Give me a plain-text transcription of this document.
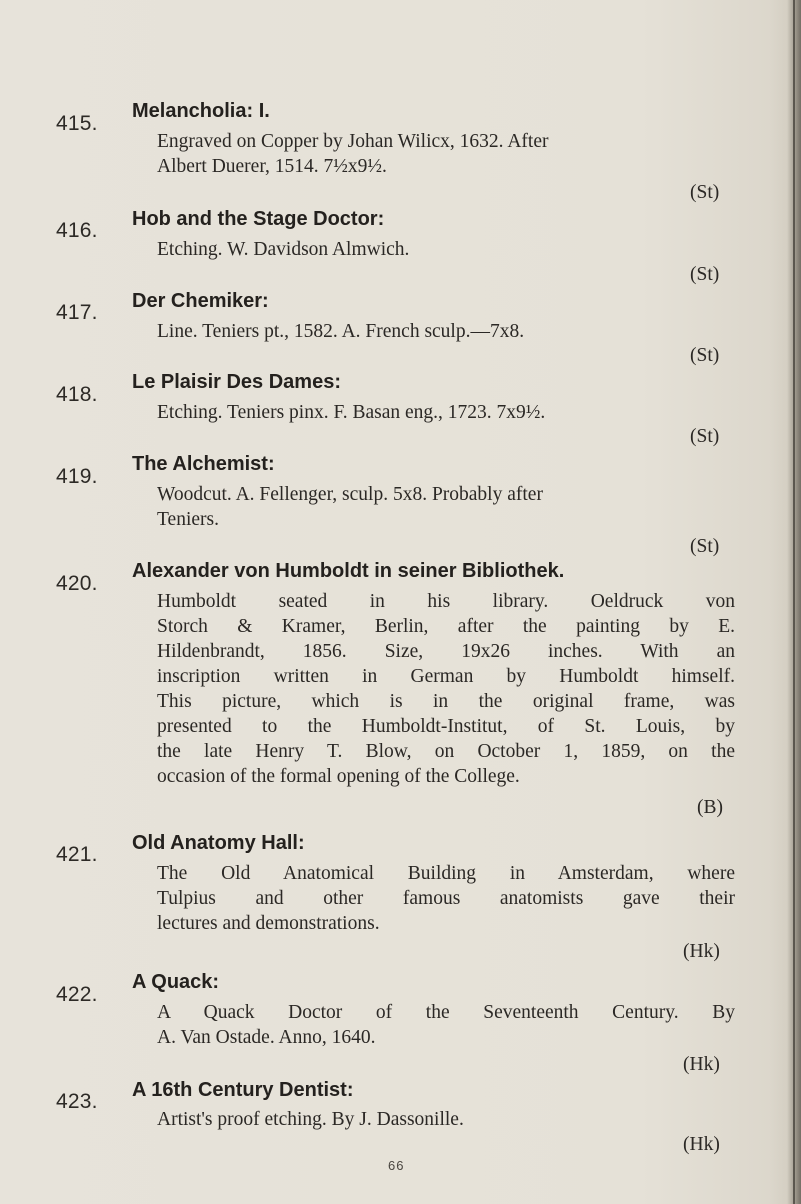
415.
Melancholia: I.

Engraved on Copper by Johan Wilicx, 1632. After

Albert Duerer, 1514. 7½x9½.

(St)
416. Hob and the Stage Doctor:

Etching. W. Davidson Almwich.

(St)
417. Der Chemiker:

Line. Teniers pt., 1582. A. French sculp.—7x8.

(St)
418.
Le Plaisir Des Dames:

Etching. Teniers pinx. F. Basan eng., 1723. 7x9½.

(St)
419.
The Alchemist:

Woodcut. A. Fellenger, sculp. 5x8. Probably after

Teniers.

(St)
420.
Alexander von Humboldt in seiner Bibliothek.

Humboldt seated in his library. Oeldruck von

Storch & Kramer, Berlin, after the painting by E.

Hildenbrandt, 1856. Size, 19x26 inches. With an

inscription written in German by Humboldt himself.

This picture, which is in the original frame, was

presented to the Humboldt-Institut, of St. Louis, by

the late Henry T. Blow, on October 1, 1859, on the

occasion of the formal opening of the College.

(B)
421. Old Anatomy Hall:

The Old Anatomical Building in Amsterdam, where

Tulpius and other famous anatomists gave their

lectures and demonstrations.

(Hk)
422.
A Quack:

A Quack Doctor of the Seventeenth Century. By

A. Van Ostade. Anno, 1640.

(Hk)
423. A 16th Century Dentist:

Artist's proof etching. By J. Dassonille.

(Hk)
66
